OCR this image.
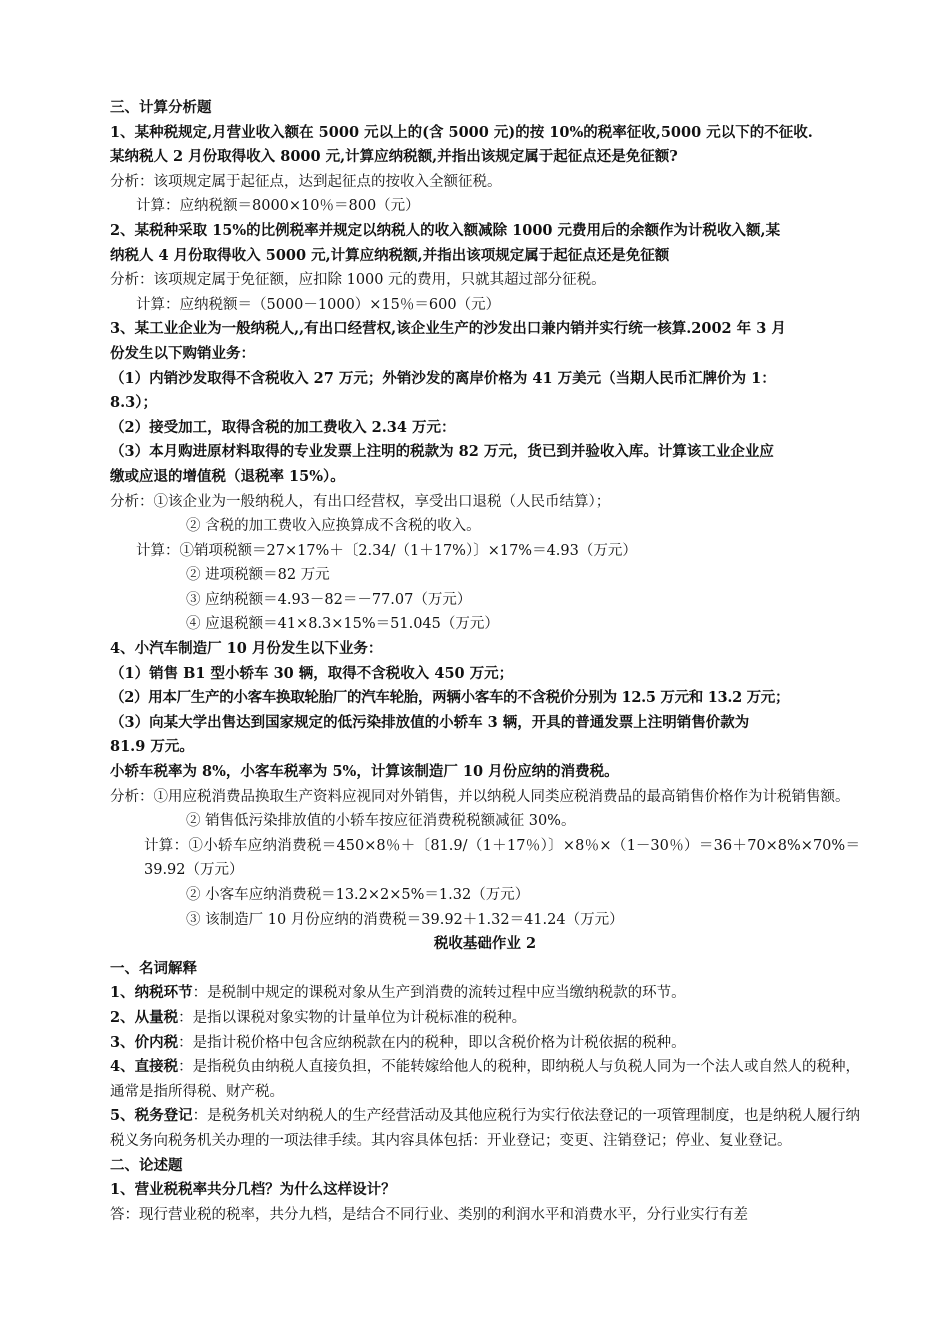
三、计算分析题
1、某种税规定,月营业收入额在 5000 元以上的(含 5000 元)的按 10%的税率征收,5000 元以下的不征收.
某纳税人 2 月份取得收入 8000 元,计算应纳税额,并指出该规定属于起征点还是免征额?
分析：该项规定属于起征点，达到起征点的按收入全额征税。
计算：应纳税额＝8000×10％＝800（元）
2、某税种采取 15%的比例税率并规定以纳税人的收入额减除 1000 元费用后的余额作为计税收入额,某
纳税人 4 月份取得收入 5000 元,计算应纳税额,并指出该项规定属于起征点还是免征额
分析：该项规定属于免征额，应扣除 1000 元的费用，只就其超过部分征税。
计算：应纳税额＝（5000－1000）×15％＝600（元）
3、某工业企业为一般纳税人,,有出口经营权,该企业生产的沙发出口兼内销并实行统一核算.2002 年 3 月
份发生以下购销业务：
（1）内销沙发取得不含税收入 27 万元；外销沙发的离岸价格为 41 万美元（当期人民币汇牌价为 1：
8.3）；
（2）接受加工，取得含税的加工费收入 2.34 万元：
（3）本月购进原材料取得的专业发票上注明的税款为 82 万元，货已到并验收入库。计算该工业企业应
缴或应退的增值税（退税率 15%）。
分析：①该企业为一般纳税人，有出口经营权，享受出口退税（人民币结算）；
② 含税的加工费收入应换算成不含税的收入。
计算：①销项税额＝27×17%＋〔2.34/（1＋17%）〕×17%＝4.93（万元）
② 进项税额＝82 万元
③ 应纳税额＝4.93－82＝－77.07（万元）
④ 应退税额＝41×8.3×15%＝51.045（万元）
4、小汽车制造厂 10 月份发生以下业务：
（1）销售 B1 型小轿车 30 辆，取得不含税收入 450 万元；
（2）用本厂生产的小客车换取轮胎厂的汽车轮胎，两辆小客车的不含税价分别为 12.5 万元和 13.2 万元；
（3）向某大学出售达到国家规定的低污染排放值的小轿车 3 辆，开具的普通发票上注明销售价款为
81.9 万元。
小轿车税率为 8%，小客车税率为 5%，计算该制造厂 10 月份应纳的消费税。
分析：①用应税消费品换取生产资料应视同对外销售，并以纳税人同类应税消费品的最高销售价格作为计税销售额。
② 销售低污染排放值的小轿车按应征消费税税额减征 30%。
计算：①小轿车应纳消费税＝450×8％＋〔81.9/（1＋17％）〕×8％×（1－30％）＝36＋70×8%×70%＝39.92（万元）
② 小客车应纳消费税＝13.2×2×5%＝1.32（万元）
③ 该制造厂 10 月份应纳的消费税＝39.92＋1.32＝41.24（万元）
税收基础作业 2
一、名词解释
1、纳税环节：是税制中规定的课税对象从生产到消费的流转过程中应当缴纳税款的环节。
2、从量税：是指以课税对象实物的计量单位为计税标准的税种。
3、价内税：是指计税价格中包含应纳税款在内的税种，即以含税价格为计税依据的税种。
4、直接税：是指税负由纳税人直接负担，不能转嫁给他人的税种，即纳税人与负税人同为一个法人或自然人的税种，通常是指所得税、财产税。
5、税务登记：是税务机关对纳税人的生产经营活动及其他应税行为实行依法登记的一项管理制度，也是纳税人履行纳税义务向税务机关办理的一项法律手续。其内容具体包括：开业登记；变更、注销登记；停业、复业登记。
二、论述题
1、营业税税率共分几档？为什么这样设计？
答：现行营业税的税率，共分九档，是结合不同行业、类别的利润水平和消费水平，分行业实行有差
